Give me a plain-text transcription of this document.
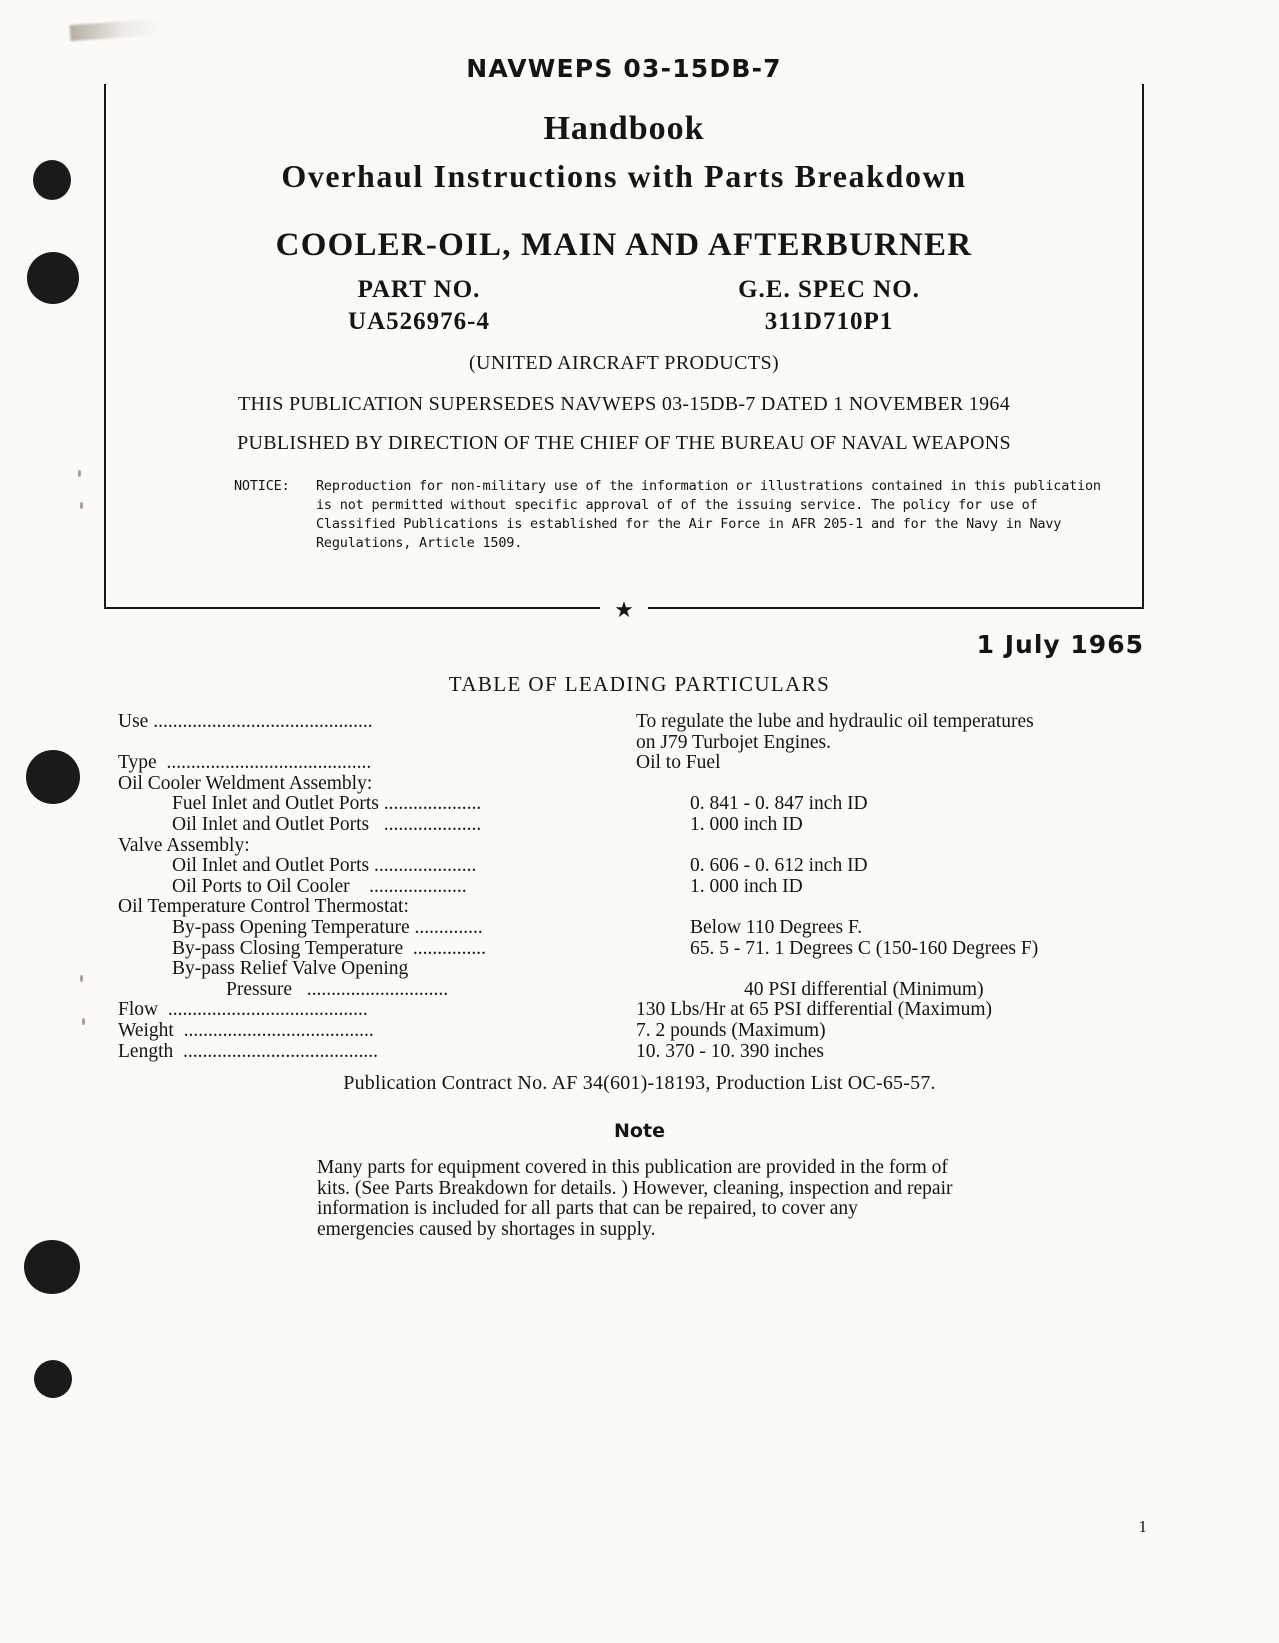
Handbook
Overhaul Instructions with Parts Breakdown
COOLER-OIL, MAIN AND AFTERBURNER
PART NO.	G.E. SPEC NO.
UA526976-4	311D710P1
(UNITED AIRCRAFT PRODUCTS)
THIS PUBLICATION SUPERSEDES NAVWEPS 03-15DB-7 DATED 1 NOVEMBER 1964
PUBLISHED BY DIRECTION OF THE CHIEF OF THE BUREAU OF NAVAL WEAPONS
NOTICE:	Reproduction for non-military use of the information or illustrations contained in this publication is not permitted without specific approval of of the issuing service. The policy for use of Classified Publications is established for the Air Force in AFR 205-1 and for the Navy in Navy Regulations, Article 1509.
NAVWEPS 03-15DB-7
★
1 July 1965
TABLE OF LEADING PARTICULARS
Use .............................................	To regulate the lube and hydraulic oil temperatures
on J79 Turbojet Engines.
Type  ..........................................	Oil to Fuel
Oil Cooler Weldment Assembly:
Fuel Inlet and Outlet Ports ....................	0. 841 - 0. 847 inch ID
Oil Inlet and Outlet Ports   ....................	1. 000 inch ID
Valve Assembly:
Oil Inlet and Outlet Ports .....................	0. 606 - 0. 612 inch ID
Oil Ports to Oil Cooler    ....................	1. 000 inch ID
Oil Temperature Control Thermostat:
By-pass Opening Temperature ..............	Below 110 Degrees F.
By-pass Closing Temperature  ...............	65. 5 - 71. 1 Degrees C (150-160 Degrees F)
By-pass Relief Valve Opening
Pressure   .............................	40 PSI differential (Minimum)
Flow  .........................................	130 Lbs/Hr at 65 PSI differential (Maximum)
Weight  .......................................	7. 2 pounds (Maximum)
Length  ........................................	10. 370 - 10. 390 inches
Publication Contract No. AF 34(601)-18193, Production List OC-65-57.
Note
Many parts for equipment covered in this publication are provided in the form of kits. (See Parts Breakdown for details. ) However, cleaning, inspection and repair information is included for all parts that can be repaired, to cover any emergencies caused by shortages in supply.
1
